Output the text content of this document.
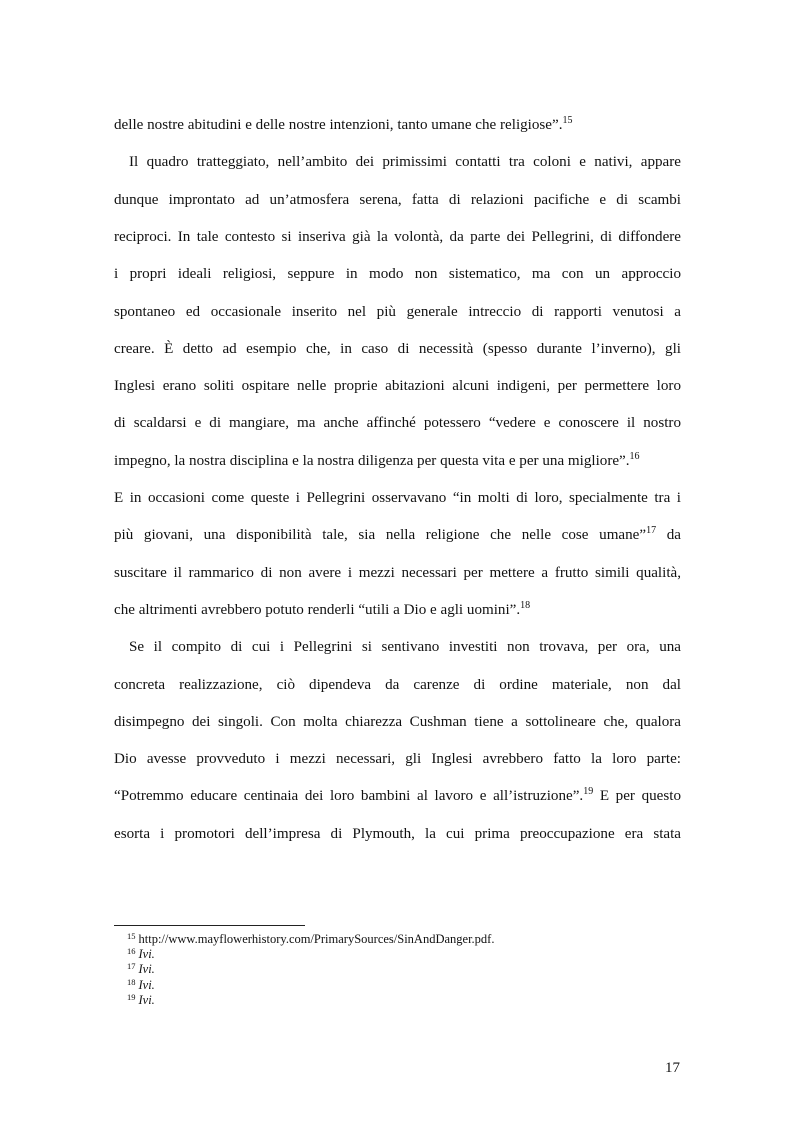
delle nostre abitudini e delle nostre intenzioni, tanto umane che religiose”.$^{15}$
Il quadro tratteggiato, nell’ambito dei primissimi contatti tra coloni e nativi, appare
dunque improntato ad un’atmosfera serena, fatta di relazioni pacifiche e di scambi
reciproci. In tale contesto si inseriva già la volontà, da parte dei Pellegrini, di diffondere
i propri ideali religiosi, seppure in modo non sistematico, ma con un approccio
spontaneo ed occasionale inserito nel più generale intreccio di rapporti venutosi a
creare. È detto ad esempio che, in caso di necessità (spesso durante l’inverno), gli
Inglesi erano soliti ospitare nelle proprie abitazioni alcuni indigeni, per permettere loro
di scaldarsi e di mangiare, ma anche affinché potessero “vedere e conoscere il nostro
impegno, la nostra disciplina e la nostra diligenza per questa vita e per una migliore”.$^{16}$
E in occasioni come queste i Pellegrini osservavano “in molti di loro, specialmente tra i
più giovani, una disponibilità tale, sia nella religione che nelle cose umane”$^{17}$ da
suscitare il rammarico di non avere i mezzi necessari per mettere a frutto simili qualità,
che altrimenti avrebbero potuto renderli “utili a Dio e agli uomini”.$^{18}$
Se il compito di cui i Pellegrini si sentivano investiti non trovava, per ora, una
concreta realizzazione, ciò dipendeva da carenze di ordine materiale, non dal
disimpegno dei singoli. Con molta chiarezza Cushman tiene a sottolineare che, qualora
Dio avesse provveduto i mezzi necessari, gli Inglesi avrebbero fatto la loro parte:
“Potremmo educare centinaia dei loro bambini al lavoro e all’istruzione”.$^{19}$ E per questo
esorta i promotori dell’impresa di Plymouth, la cui prima preoccupazione era stata
$^{15}$ http://www.mayflowerhistory.com/PrimarySources/SinAndDanger.pdf.
$^{16}$ Ivi.
$^{17}$ Ivi.
$^{18}$ Ivi.
$^{19}$ Ivi.
17
